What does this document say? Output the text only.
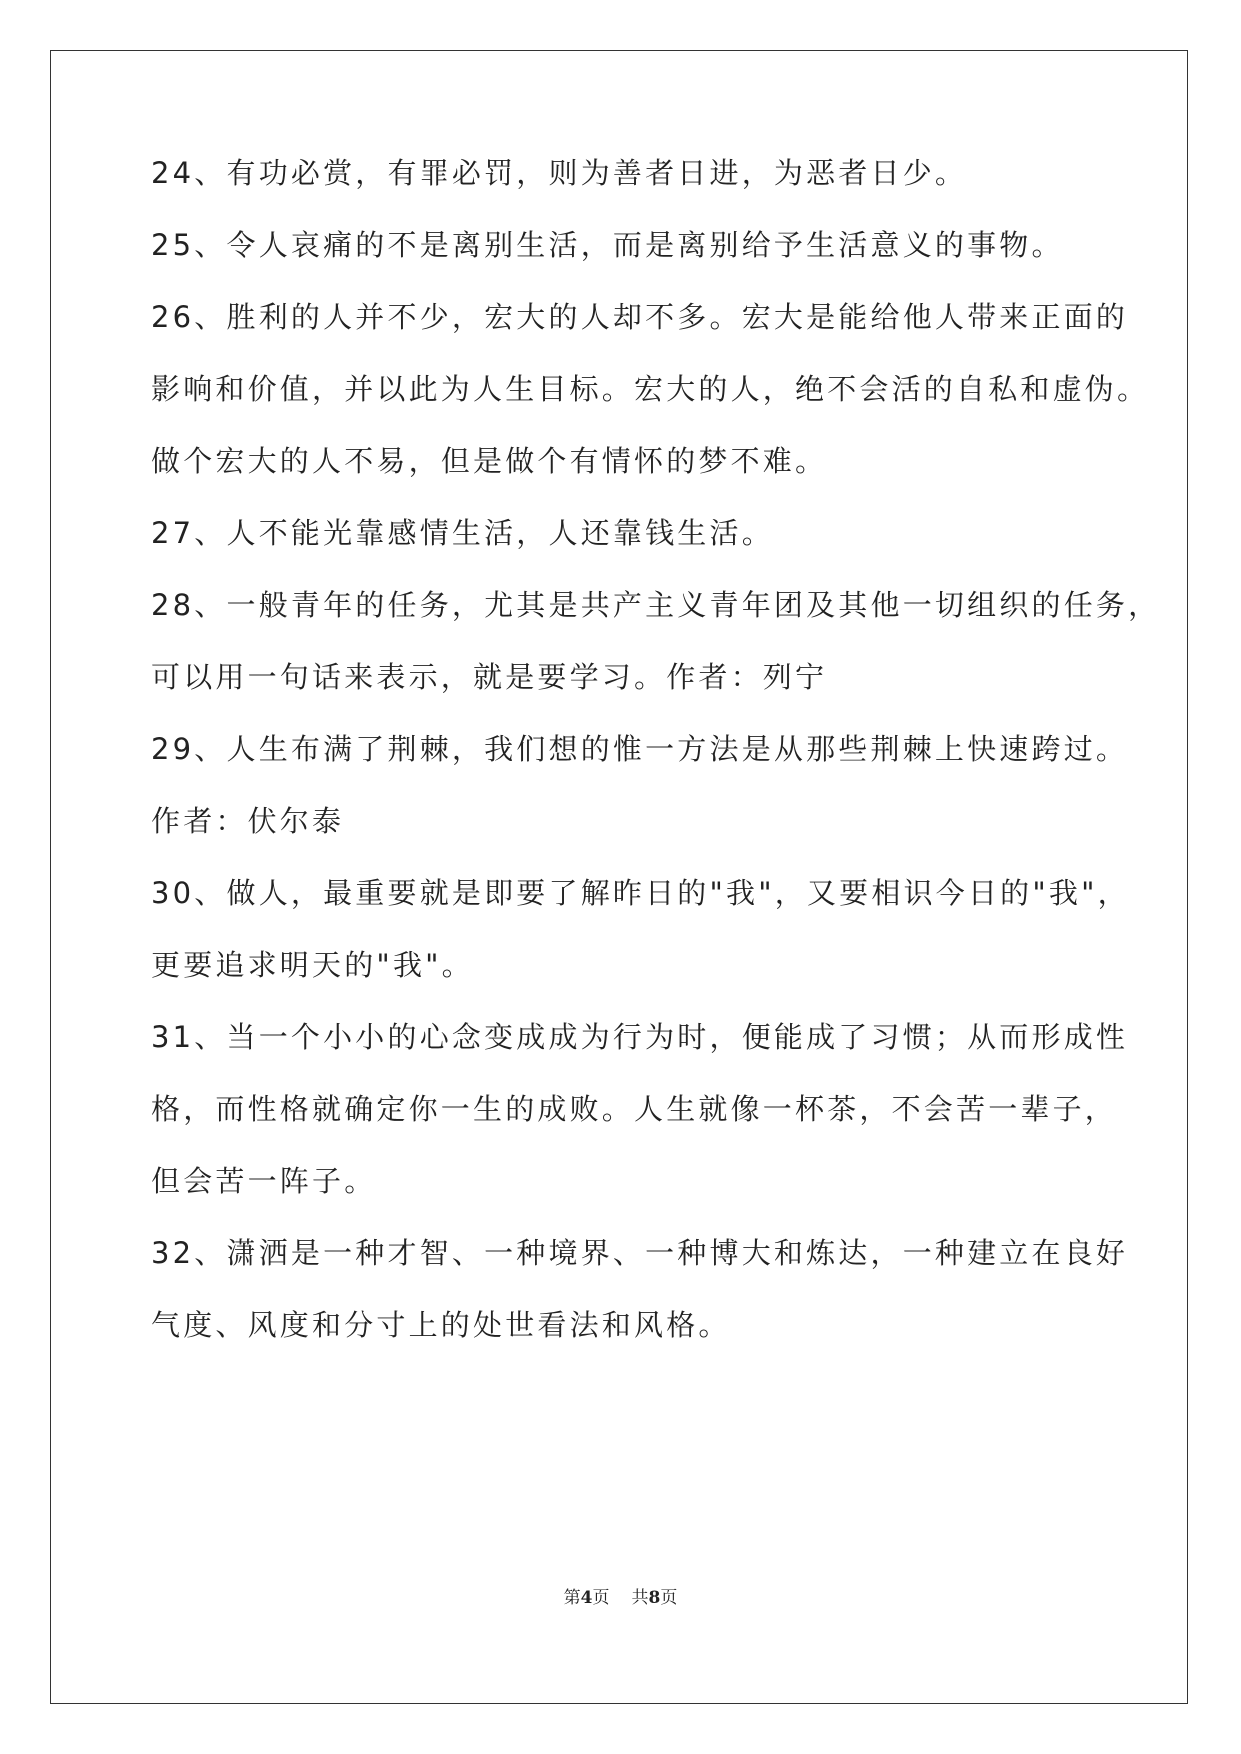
24、有功必赏，有罪必罚，则为善者日进，为恶者日少。
25、令人哀痛的不是离别生活，而是离别给予生活意义的事物。
26、胜利的人并不少，宏大的人却不多。宏大是能给他人带来正面的
影响和价值，并以此为人生目标。宏大的人，绝不会活的自私和虚伪。
做个宏大的人不易，但是做个有情怀的梦不难。
27、人不能光靠感情生活，人还靠钱生活。
28、一般青年的任务，尤其是共产主义青年团及其他一切组织的任务，
可以用一句话来表示，就是要学习。作者：列宁
29、人生布满了荆棘，我们想的惟一方法是从那些荆棘上快速跨过。
作者：伏尔泰
30、做人，最重要就是即要了解昨日的"我"，又要相识今日的"我"，
更要追求明天的"我"。
31、当一个小小的心念变成成为行为时，便能成了习惯；从而形成性
格，而性格就确定你一生的成败。人生就像一杯茶，不会苦一辈子，
但会苦一阵子。
32、潇洒是一种才智、一种境界、一种博大和炼达，一种建立在良好
气度、风度和分寸上的处世看法和风格。
第4页 共8页
